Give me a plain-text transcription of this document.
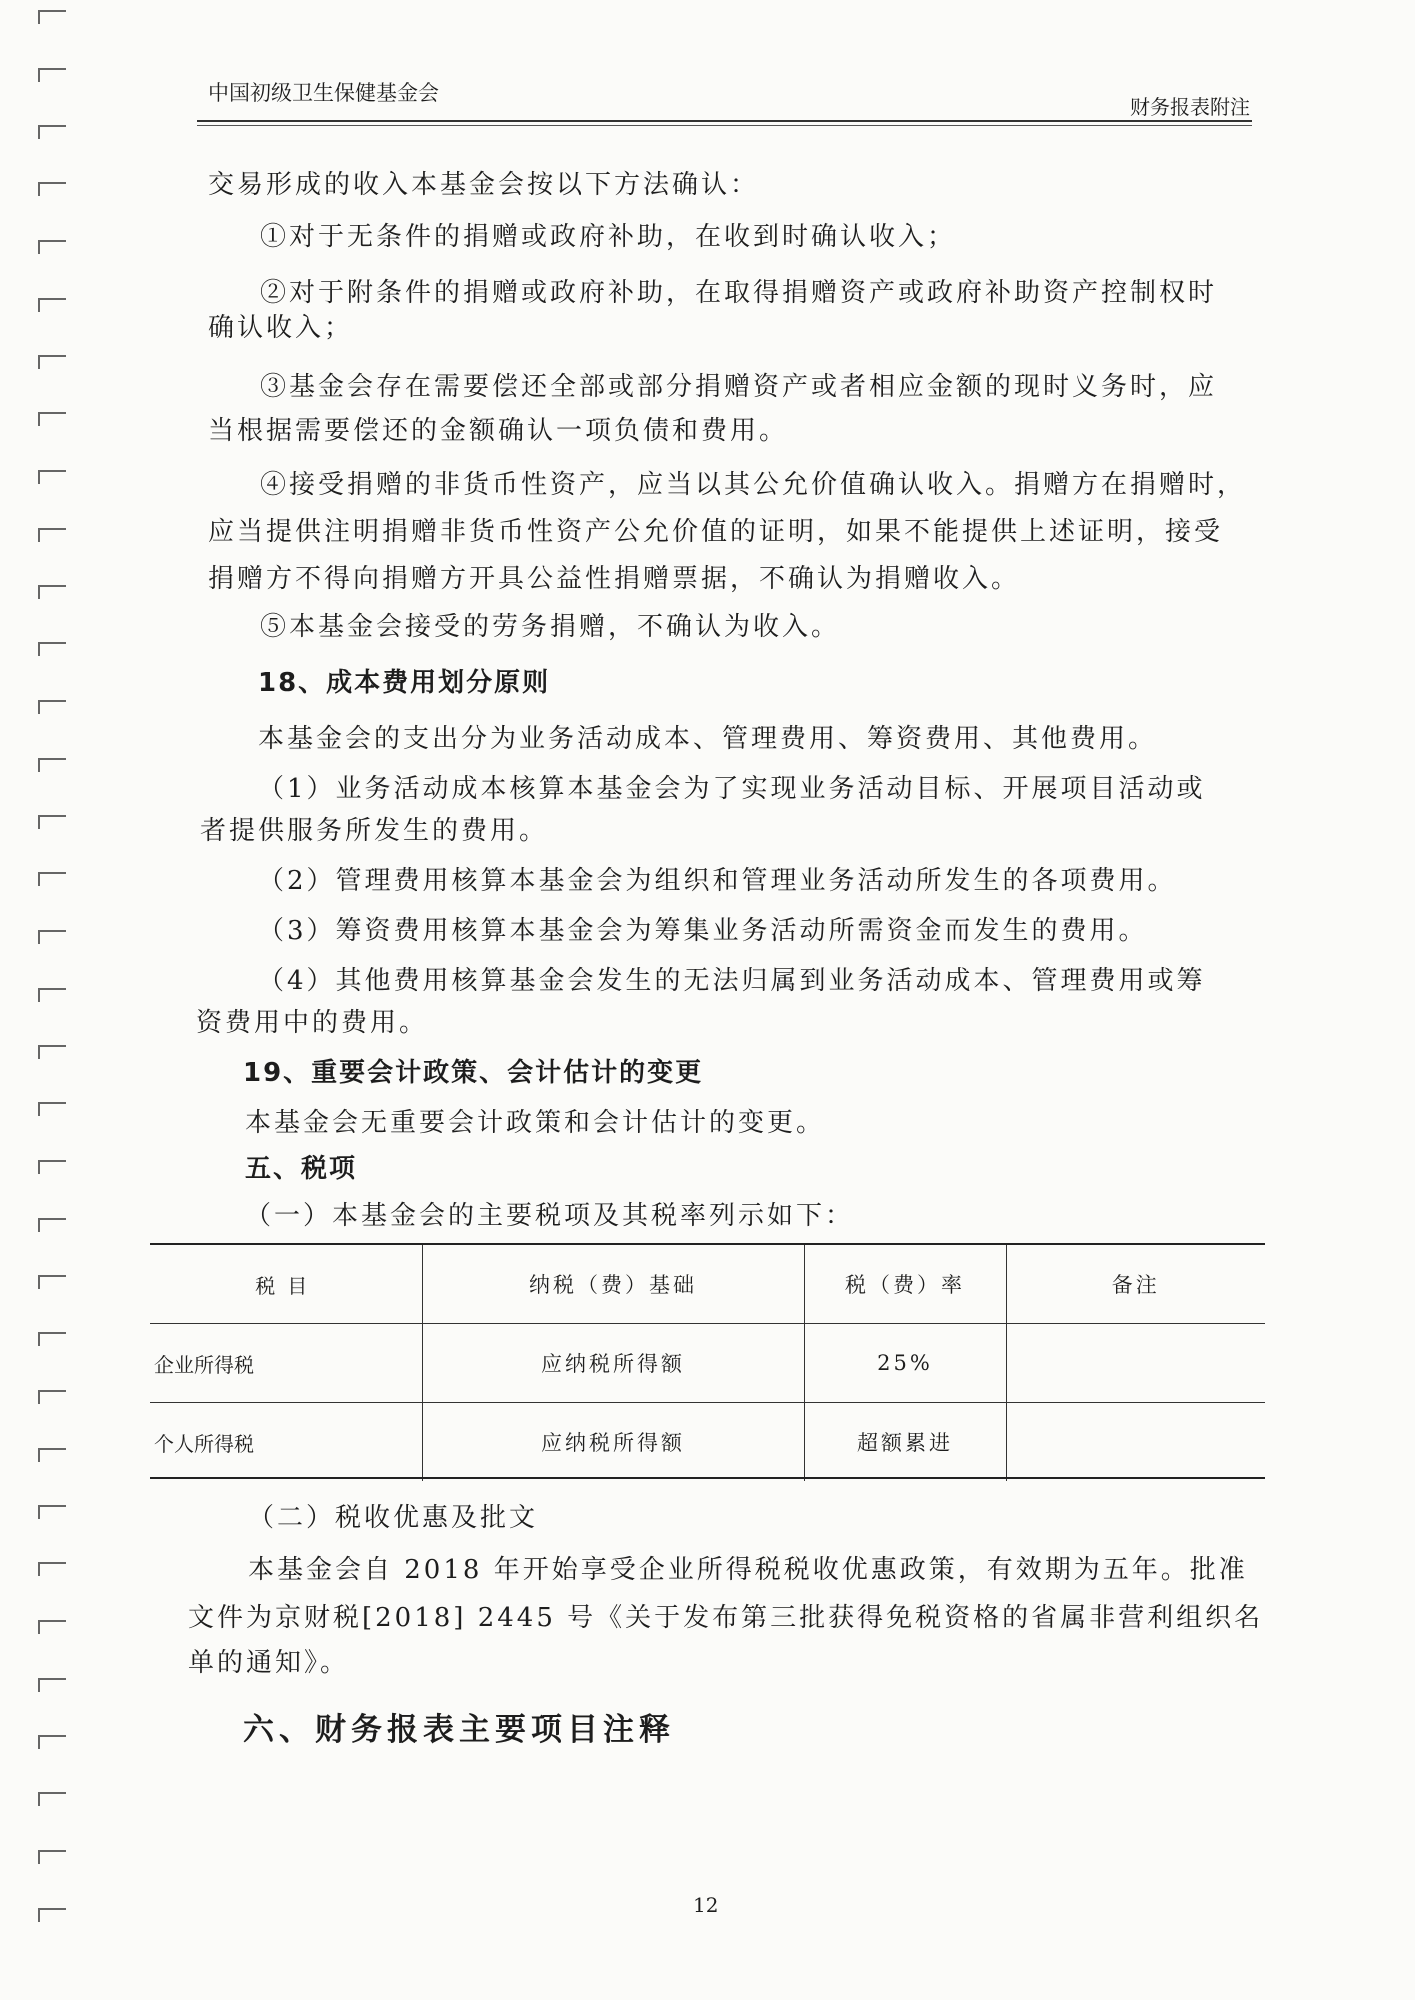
中国初级卫生保健基金会
财务报表附注
交易形成的收入本基金会按以下方法确认：
①对于无条件的捐赠或政府补助，在收到时确认收入；
②对于附条件的捐赠或政府补助，在取得捐赠资产或政府补助资产控制权时
确认收入；
③基金会存在需要偿还全部或部分捐赠资产或者相应金额的现时义务时，应
当根据需要偿还的金额确认一项负债和费用。
④接受捐赠的非货币性资产，应当以其公允价值确认收入。捐赠方在捐赠时，
应当提供注明捐赠非货币性资产公允价值的证明，如果不能提供上述证明，接受
捐赠方不得向捐赠方开具公益性捐赠票据，不确认为捐赠收入。
⑤本基金会接受的劳务捐赠，不确认为收入。
18、成本费用划分原则
本基金会的支出分为业务活动成本、管理费用、筹资费用、其他费用。
（1）业务活动成本核算本基金会为了实现业务活动目标、开展项目活动或
者提供服务所发生的费用。
（2）管理费用核算本基金会为组织和管理业务活动所发生的各项费用。
（3）筹资费用核算本基金会为筹集业务活动所需资金而发生的费用。
（4）其他费用核算基金会发生的无法归属到业务活动成本、管理费用或筹
资费用中的费用。
19、重要会计政策、会计估计的变更
本基金会无重要会计政策和会计估计的变更。
五、税项
（一）本基金会的主要税项及其税率列示如下：
税目	纳税（费）基础	税（费）率	备注
企业所得税	应纳税所得额	25%	
个人所得税	应纳税所得额	超额累进	
（二）税收优惠及批文
本基金会自 2018 年开始享受企业所得税税收优惠政策，有效期为五年。批准
文件为京财税[2018] 2445 号《关于发布第三批获得免税资格的省属非营利组织名
单的通知》。
六、财务报表主要项目注释
12
